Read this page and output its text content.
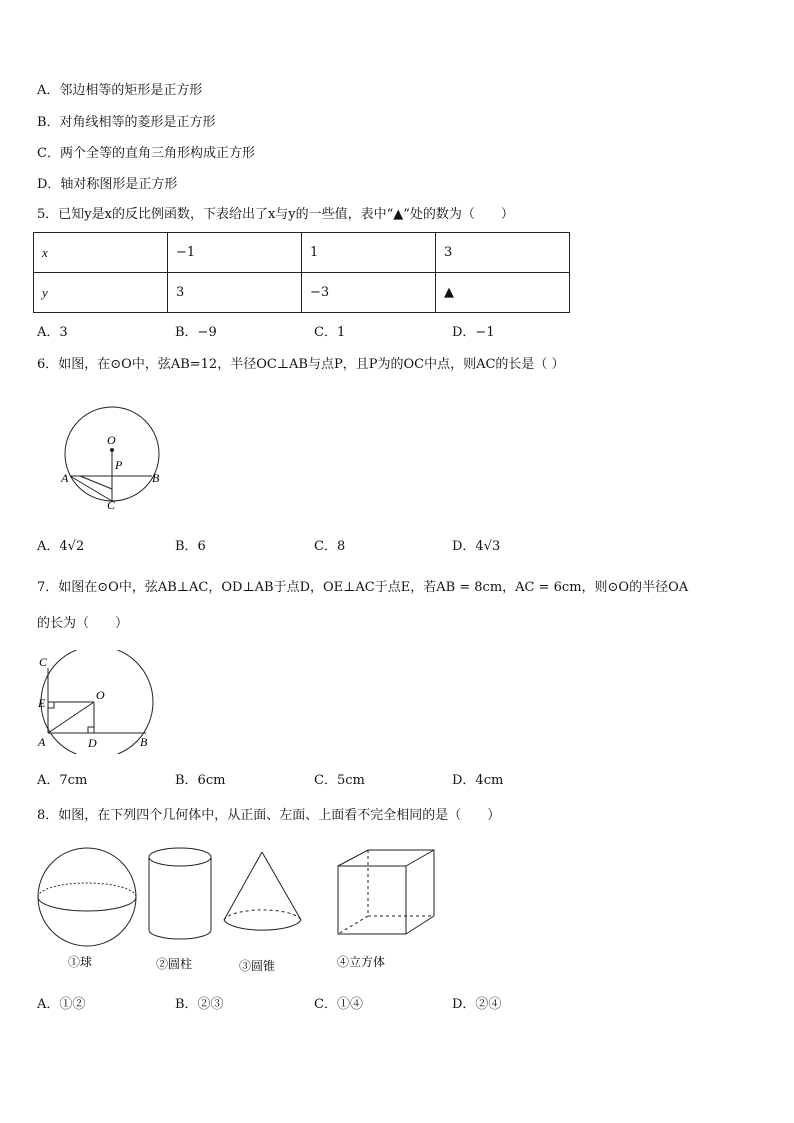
A．邻边相等的矩形是正方形
B．对角线相等的菱形是正方形
C．两个全等的直角三角形构成正方形
D．轴对称图形是正方形
5．已知y是x的反比例函数，下表给出了x与y的一些值，表中“▲”处的数为（　　）
x	−1	1	3
y	3	−3	▲
A．3	B．−9	C．1	D．−1
6．如图，在⊙O中，弦AB=12，半径OC⊥AB与点P，且P为的OC中点，则AC的长是（ ）
O
P
A	B
C
A．4√2	B．6	C．8	D．4√3
7．如图在⊙O中，弦AB⊥AC，OD⊥AB于点D，OE⊥AC于点E，若AB = 8cm，AC = 6cm，则⊙O的半径OA
的长为（　　）
C
O
E
A	D	B
A．7cm	B．6cm	C．5cm	D．4cm
8．如图，在下列四个几何体中，从正面、左面、上面看不完全相同的是（　　）
①球	②圆柱	③圆锥	④立方体
A．①②	B．②③	C．①④	D．②④
